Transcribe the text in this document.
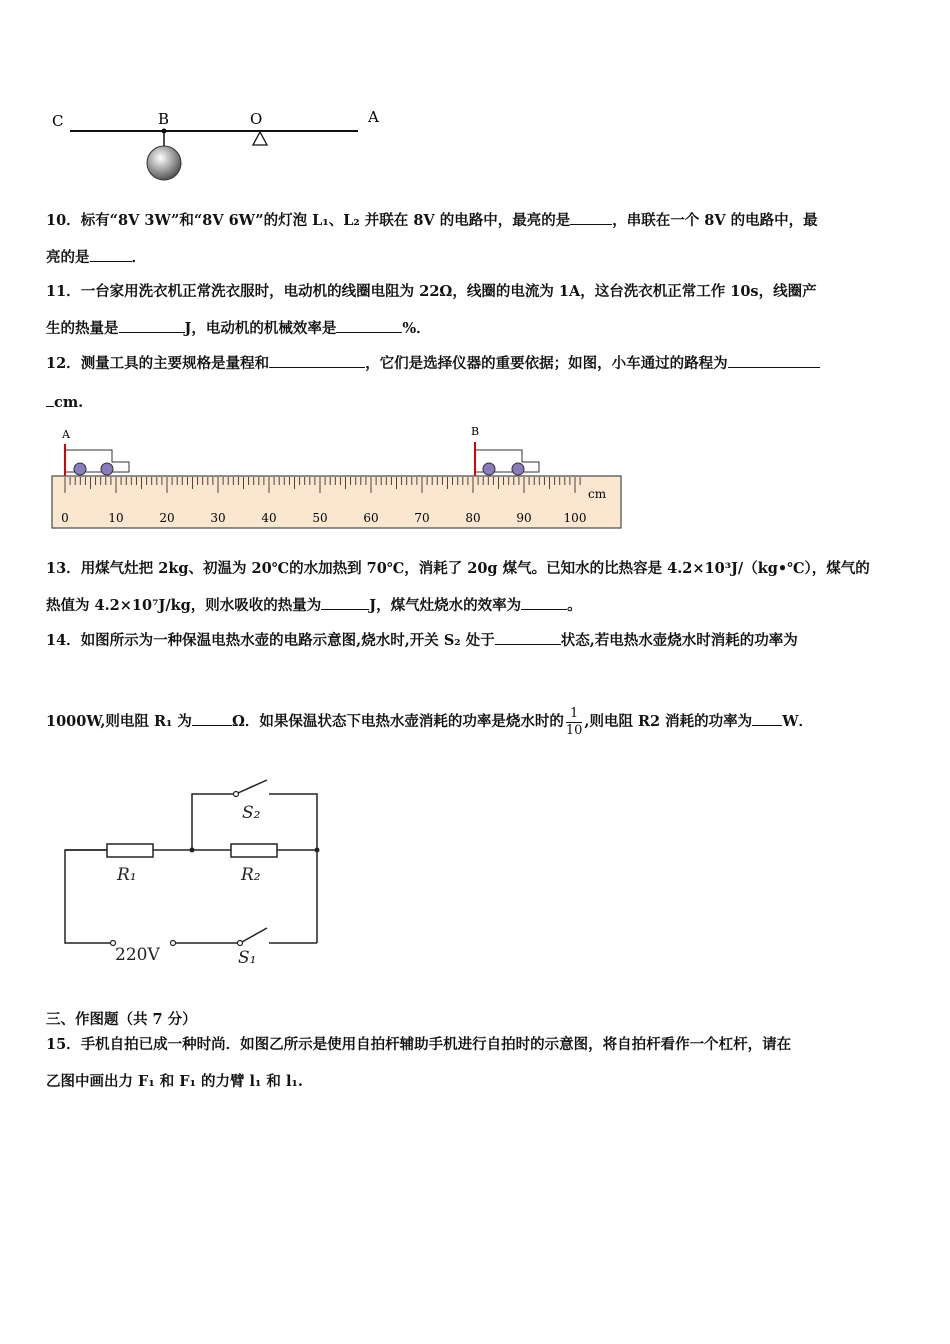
C	B	O	A
10．标有“8V 3W”和“8V 6W”的灯泡 L₁、L₂ 并联在 8V 的电路中，最亮的是	，串联在一个 8V 的电路中，最
亮的是	．
11．一台家用洗衣机正常洗衣服时，电动机的线圈电阻为 22Ω，线圈的电流为 1A，这台洗衣机正常工作 10s，线圈产
生的热量是	J，电动机的机械效率是	%．
12．测量工具的主要规格是量程和	，它们是选择仪器的重要依据；如图，小车通过的路程为
cm.
A	B
0	10	20	30	40	50	60	70	80	90	100
cm
13．用煤气灶把 2kg、初温为 20℃的水加热到 70℃，消耗了 20g 煤气。已知水的比热容是 4.2×10³J/（kg•℃），煤气的
热值为 4.2×10⁷J/kg，则水吸收的热量为	J，煤气灶烧水的效率为	。
14．如图所示为一种保温电热水壶的电路示意图,烧水时,开关 S₂ 处于	状态,若电热水壶烧水时消耗的功率为
1000W,则电阻 R₁ 为	Ω．如果保温状态下电热水壶消耗的功率是烧水时的 $\frac{1}{10}$ ,则电阻 R2 消耗的功率为 W．
S₂
R₁	R₂
S₁
220V
三、作图题（共 7 分）
15．手机自拍已成一种时尚．如图乙所示是使用自拍杆辅助手机进行自拍时的示意图，将自拍杆看作一个杠杆，请在
乙图中画出力 F₁ 和 F₁ 的力臂 l₁ 和 l₁.
